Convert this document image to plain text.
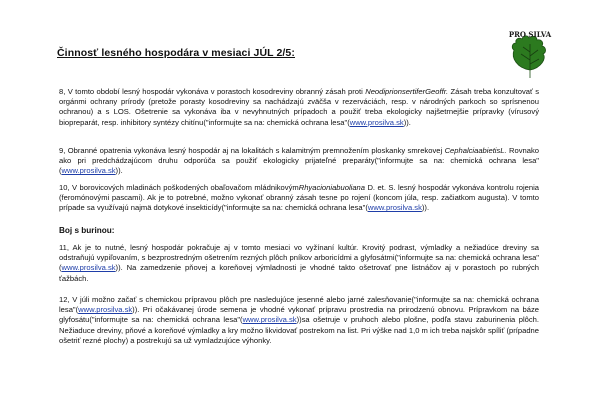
Činnosť lesného hospodára v mesiaci JÚL 2/5:
PRO SILVA
8, V tomto období lesný hospodár vykonáva v porastoch kosodreviny obranný zásah proti NeodiprionsertiferGeoffr. Zásah treba konzultovať s orgánmi ochrany prírody (pretože porasty kosodreviny sa nachádzajú zväčša v rezerváciách, resp. v národných parkoch so sprísnenou ochranou) a s LOS. Ošetrenie sa vykonáva iba v nevyhnutných prípadoch a použiť treba ekologicky najšetrnejšie prípravky (vírusový biopreparát, resp. inhibitory syntézy chitínu("informujte sa na: chemická ochrana lesa"(www.prosilva.sk)).
9, Obranné opatrenia vykonáva lesný hospodár aj na lokalitách s kalamitným premnožením ploskanky smrekovej CephalciaabietisL. Rovnako ako pri predchádzajúcom druhu odporúča sa použiť ekologicky prijateľné preparáty("informujte sa na: chemická ochrana lesa"(www.prosilva.sk)).
10, V borovicových mladinách poškodených obaľovačom mládnikovýmRhyacioniabuoliana D. et. S. lesný hospodár vykonáva kontrolu rojenia (feromónovými pascami). Ak je to potrebné, možno vykonať obranný zásah tesne po rojení (koncom júla, resp. začiatkom augusta). V tomto prípade sa využívajú najmä dotykové insekticídy("informujte sa na: chemická ochrana lesa"(www.prosilva.sk)).
Boj s burinou:
11, Ak je to nutné, lesný hospodár pokračuje aj v tomto mesiaci vo vyžínaní kultúr. Krovitý podrast, výmladky a nežiadúce dreviny sa odstraňujú vypiľovaním, s bezprostredným ošetrením rezných plôch pníkov arboricídmi a glyfosátmi("informujte sa na: chemická ochrana lesa"(www.prosilva.sk)). Na zamedzenie pňovej a koreňovej výmladnosti je vhodné takto ošetrovať pne listnáčov aj v porastoch po rubných ťažbách.
12, V júli možno začať s chemickou prípravou plôch pre nasledujúce jesenné alebo jarné zalesňovanie("informujte sa na: chemická ochrana lesa"(www.prosilva.sk)). Pri očakávanej úrode semena je vhodné vykonať prípravu prostredia na prirodzenú obnovu. Prípravkom na báze glyfosátu("informujte sa na: chemická ochrana lesa"(www.prosilva.sk))sa ošetruje v pruhoch alebo plošne, podľa stavu zaburinenia plôch. Nežiaduce dreviny, pňové a koreňové výmladky a kry možno likvidovať postrekom na list. Pri výške nad 1,0 m ich treba najskôr spíliť (prípadne ošetriť rezné plochy) a postrekujú sa už vymladzujúce výhonky.
